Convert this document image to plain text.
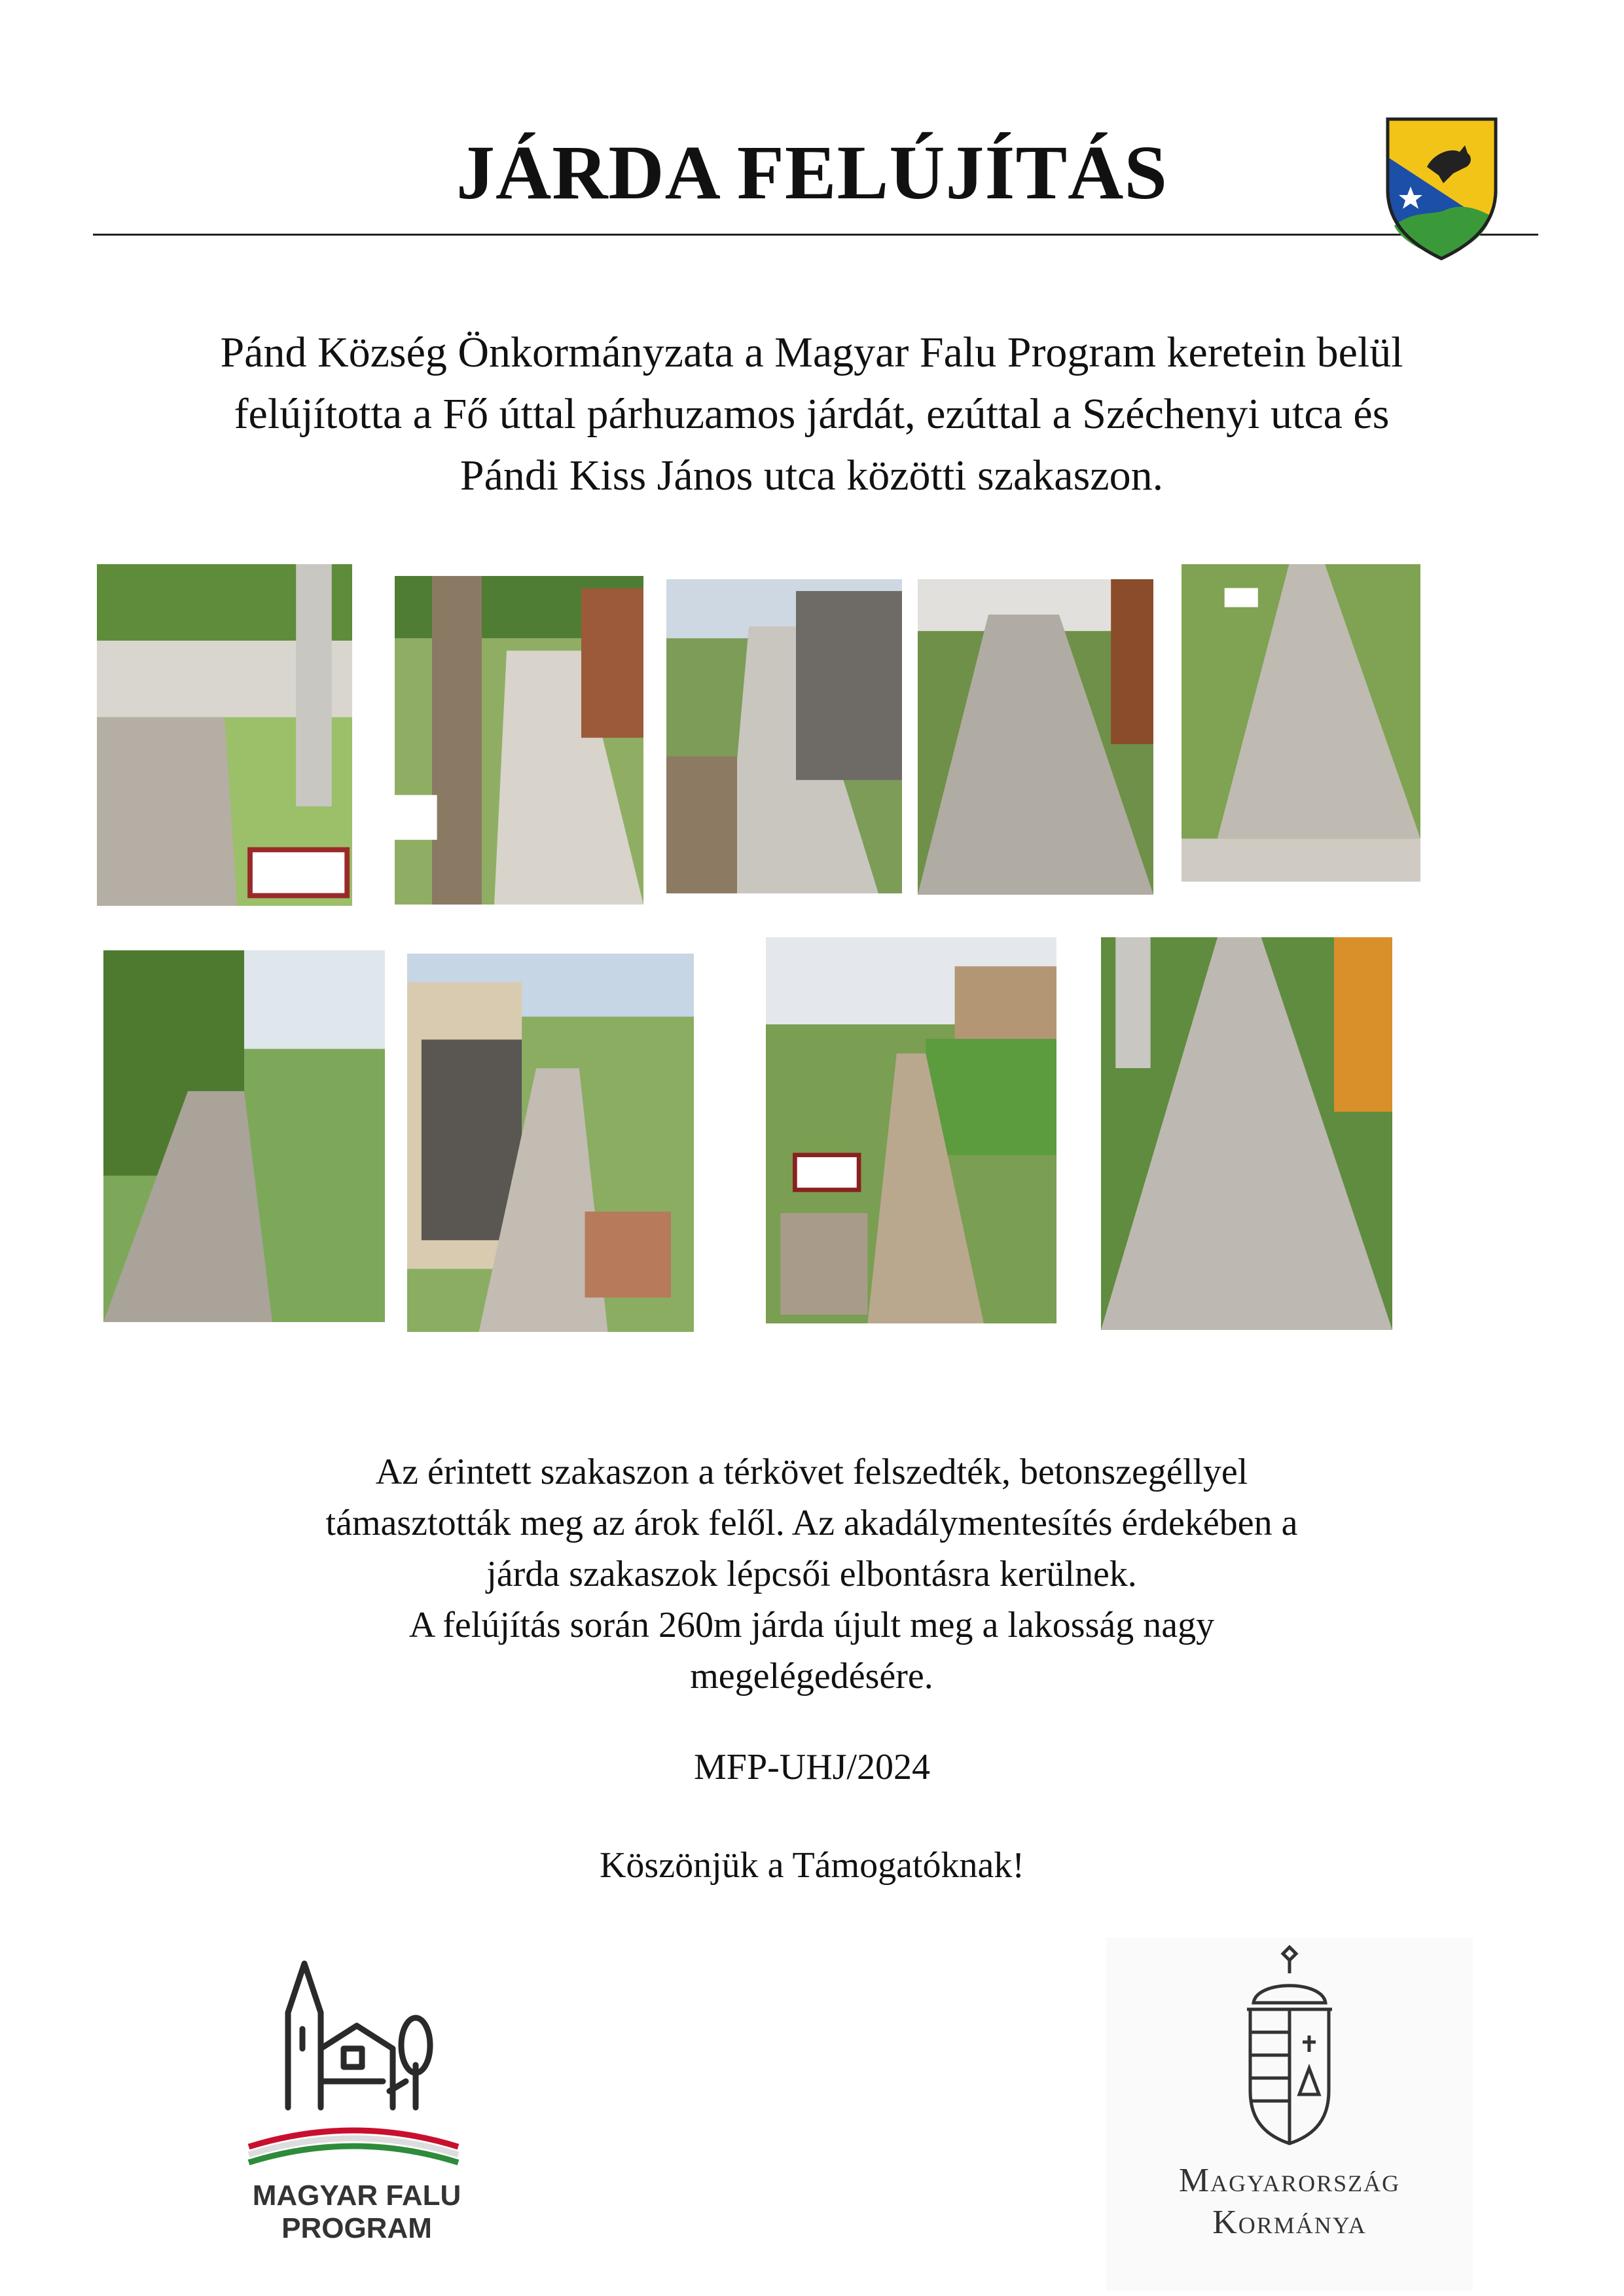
JÁRDA FELÚJÍTÁS
Pánd Község Önkormányzata a Magyar Falu Program keretein belül
felújította a Fő úttal párhuzamos járdát, ezúttal a Széchenyi utca és
Pándi Kiss János utca közötti szakaszon.

Az érintett szakaszon a térkövet felszedték, betonszegéllyel

támasztották meg az árok felől. Az akadálymentesítés érdekében a

járda szakaszok lépcsői elbontásra kerülnek.

A felújítás során 260m járda újult meg a lakosság nagy

megelégedésére.

MFP-UHJ/2024
Köszönjük a Támogatóknak!
MAGYAR FALU
PROGRAM
Magyarország
Kormánya
